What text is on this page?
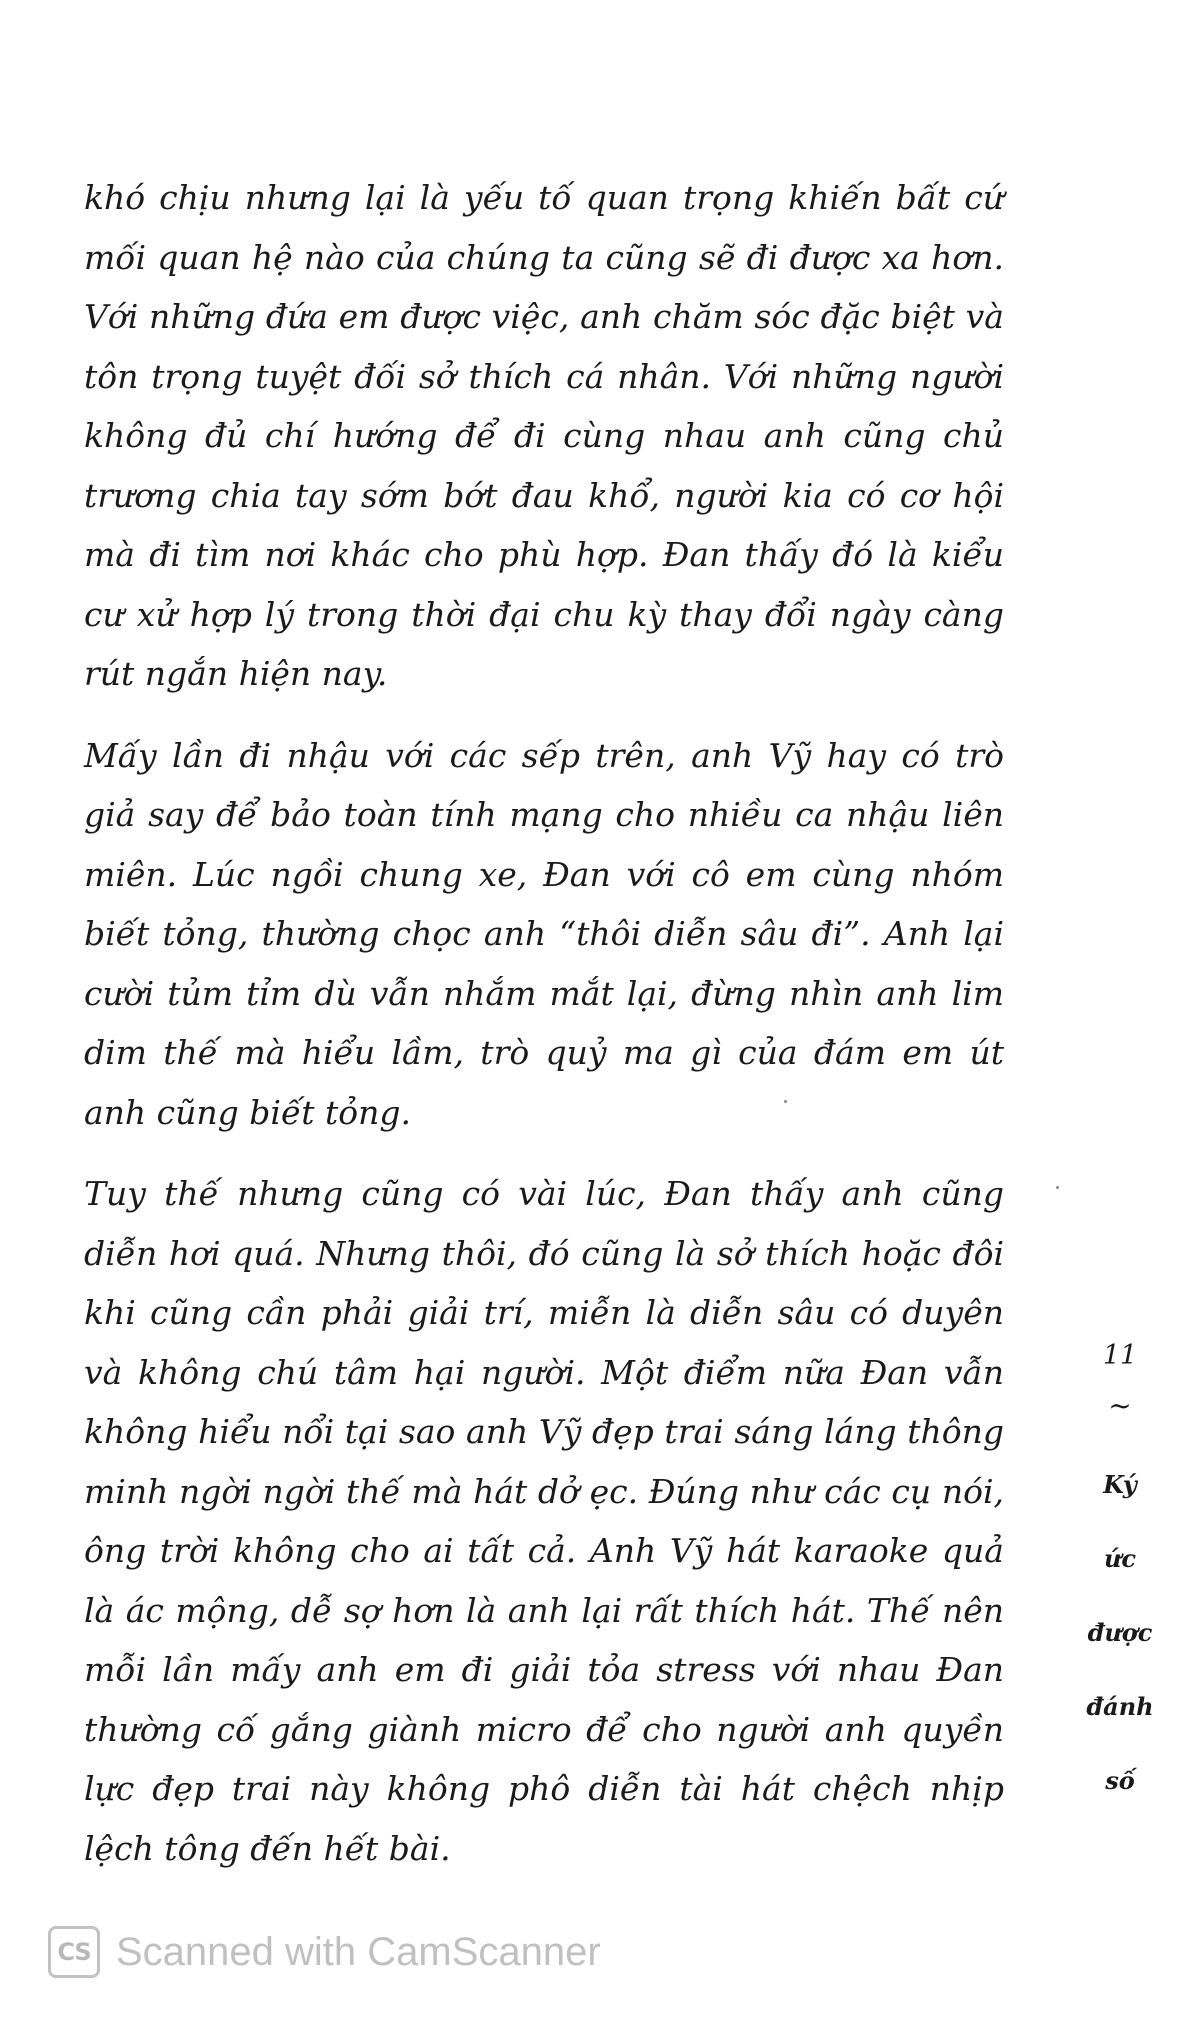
khó chịu nhưng lại là yếu tố quan trọng khiến bất cứ mối quan hệ nào của chúng ta cũng sẽ đi được xa hơn. Với những đứa em được việc, anh chăm sóc đặc biệt và tôn trọng tuyệt đối sở thích cá nhân. Với những người không đủ chí hướng để đi cùng nhau anh cũng chủ trương chia tay sớm bớt đau khổ, người kia có cơ hội mà đi tìm nơi khác cho phù hợp. Đan thấy đó là kiểu cư xử hợp lý trong thời đại chu kỳ thay đổi ngày càng rút ngắn hiện nay.

Mấy lần đi nhậu với các sếp trên, anh Vỹ hay có trò giả say để bảo toàn tính mạng cho nhiều ca nhậu liên miên. Lúc ngồi chung xe, Đan với cô em cùng nhóm biết tỏng, thường chọc anh “thôi diễn sâu đi”. Anh lại cười tủm tỉm dù vẫn nhắm mắt lại, đừng nhìn anh lim dim thế mà hiểu lầm, trò quỷ ma gì của đám em út anh cũng biết tỏng.

Tuy thế nhưng cũng có vài lúc, Đan thấy anh cũng diễn hơi quá. Nhưng thôi, đó cũng là sở thích hoặc đôi khi cũng cần phải giải trí, miễn là diễn sâu có duyên và không chú tâm hại người. Một điểm nữa Đan vẫn không hiểu nổi tại sao anh Vỹ đẹp trai sáng láng thông minh ngời ngời thế mà hát dở ẹc. Đúng như các cụ nói, ông trời không cho ai tất cả. Anh Vỹ hát karaoke quả là ác mộng, dễ sợ hơn là anh lại rất thích hát. Thế nên mỗi lần mấy anh em đi giải tỏa stress với nhau Đan thường cố gắng giành micro để cho người anh quyền lực đẹp trai này không phô diễn tài hát chệch nhịp lệch tông đến hết bài.

11
~
Ký
ức
được
đánh
số
CS Scanned with CamScanner
